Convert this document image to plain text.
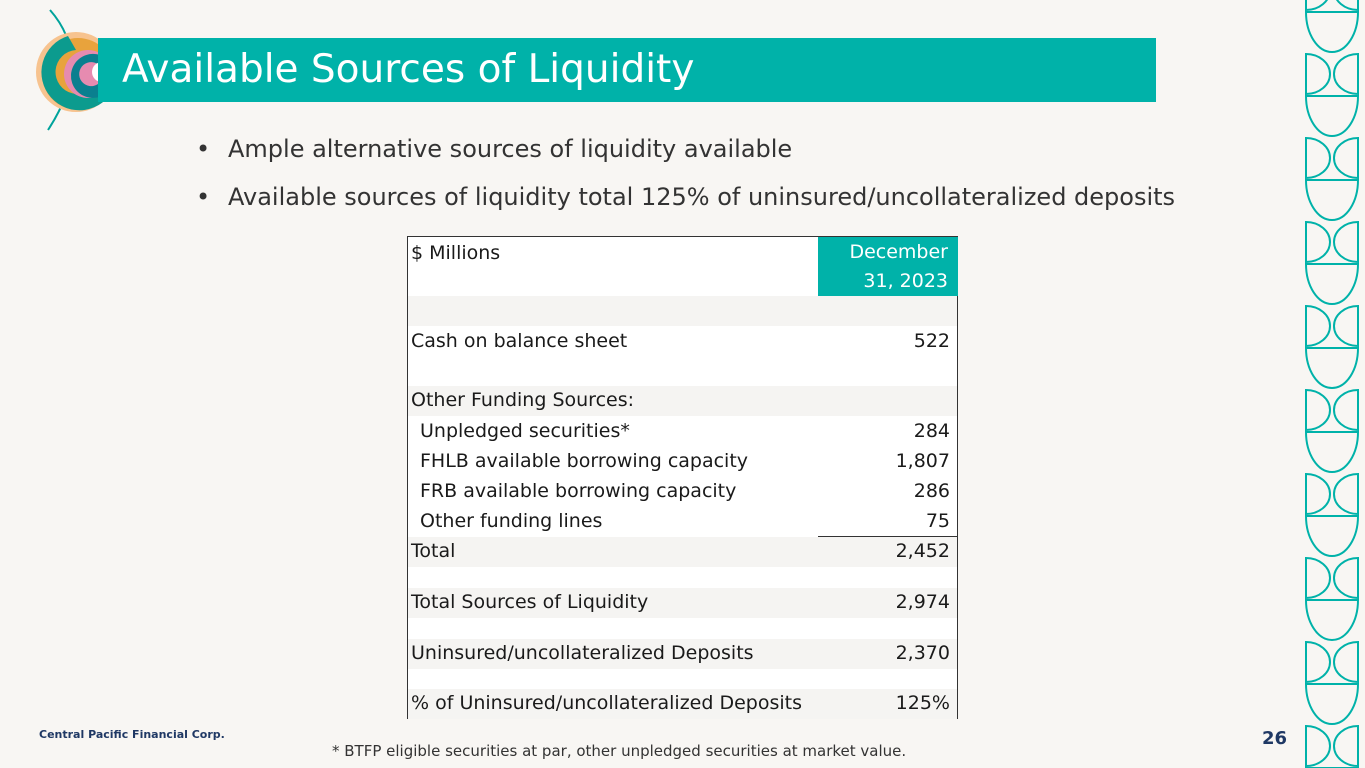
Available Sources of Liquidity
• Ample alternative sources of liquidity available
• Available sources of liquidity total 125% of uninsured/uncollateralized deposits
$ Millions	December
31, 2023
Cash on balance sheet	522
Other Funding Sources:
Unpledged securities*	284
FHLB available borrowing capacity	1,807
FRB available borrowing capacity	286
Other funding lines	75
Total	2,452
Total Sources of Liquidity	2,974
Uninsured/uncollateralized Deposits	2,370
% of Uninsured/uncollateralized Deposits	125%
Central Pacific Financial Corp.
* BTFP eligible securities at par, other unpledged securities at market value.
26
